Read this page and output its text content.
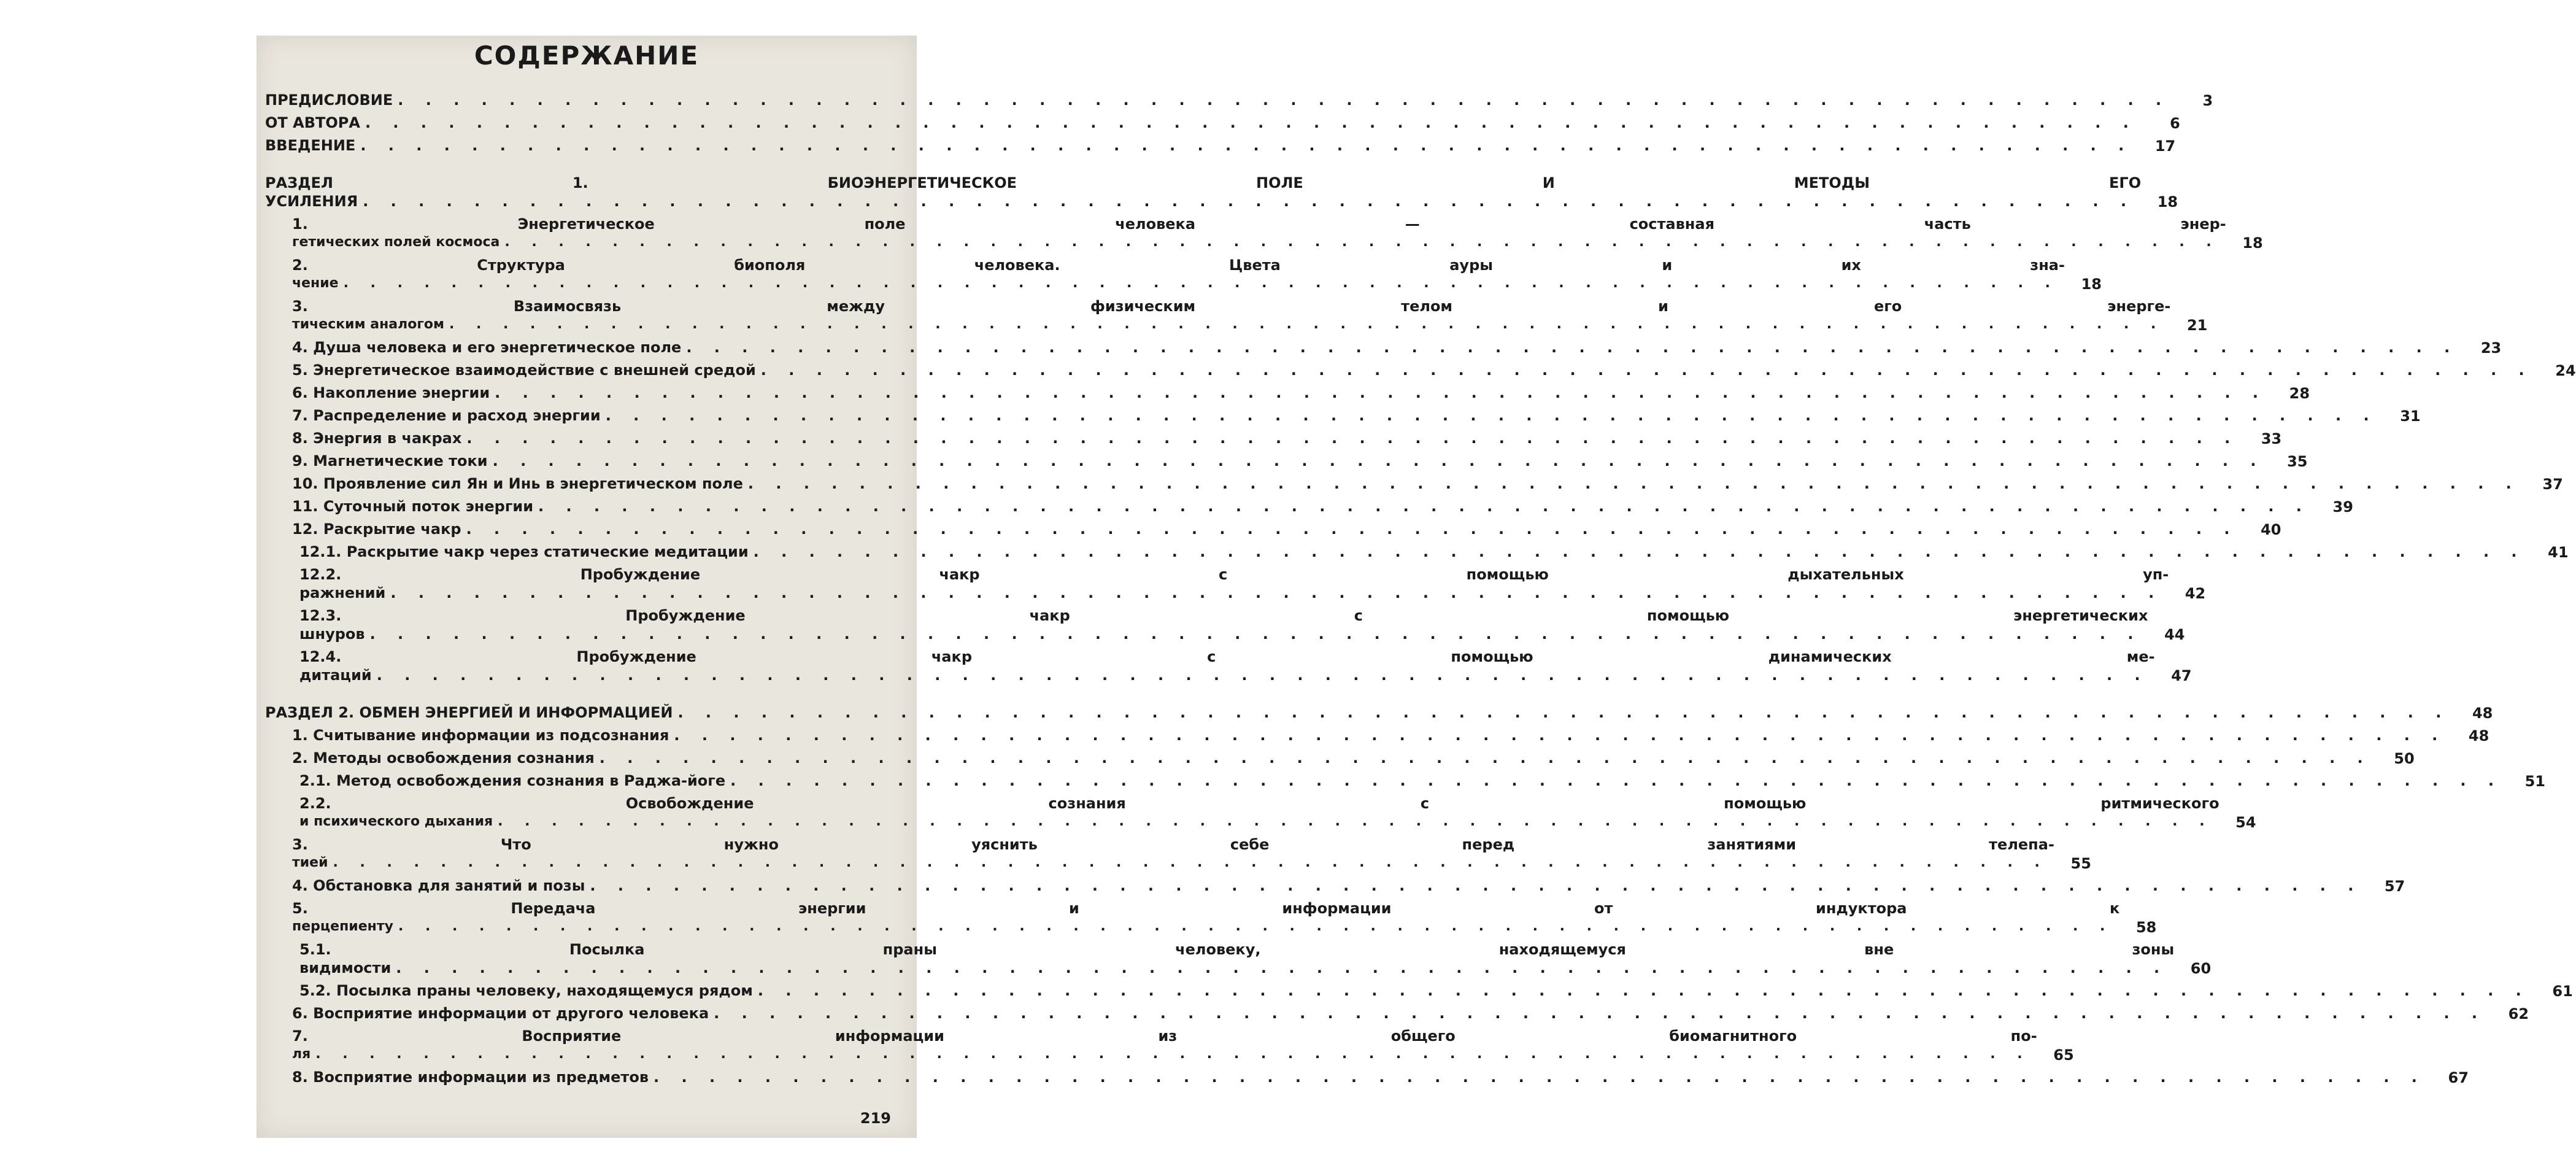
СОДЕРЖАНИЕ
ПРЕДИСЛОВИЕ . . .	3
ОТ АВТОРА . . .	6
ВВЕДЕНИЕ . . .	17
РАЗДЕЛ 1. БИОЭНЕРГЕТИЧЕСКОЕ ПОЛЕ И МЕТОДЫ ЕГО
УСИЛЕНИЯ . . .	18
1. Энергетическое поле человека — составная часть энер-
гетических полей космоса . . .	18
2. Структура биополя человека. Цвета ауры и их зна-
чение . . .	18
3. Взаимосвязь между физическим телом и его энерге-
тическим аналогом . . .	21
4. Душа человека и его энергетическое поле . . .	23
5. Энергетическое взаимодействие с внешней средой . . .	24
6. Накопление энергии . . .	28
7. Распределение и расход энергии . . .	31
8. Энергия в чакрах . . .	33
9. Магнетические токи . . .	35
10. Проявление сил Ян и Инь в энергетическом поле . . .	37
11. Суточный поток энергии . . .	39
12. Раскрытие чакр . . .	40
12.1. Раскрытие чакр через статические медитации . . .	41
12.2. Пробуждение чакр с помощью дыхательных уп-
ражнений . . .	42
12.3. Пробуждение чакр с помощью энергетических
шнуров . . .	44
12.4. Пробуждение чакр с помощью динамических ме-
дитаций . . .	47
РАЗДЕЛ 2. ОБМЕН ЭНЕРГИЕЙ И ИНФОРМАЦИЕЙ . . .	48
1. Считывание информации из подсознания . . .	48
2. Методы освобождения сознания . . .	50
2.1. Метод освобождения сознания в Раджа-йоге . . .	51
2.2. Освобождение сознания с помощью ритмического
и психического дыхания . . .	54
3. Что нужно уяснить себе перед занятиями телепа-
тией . . .	55
4. Обстановка для занятий и позы . . .	57
5. Передача энергии и информации от индуктора к
перцепиенту . . .	58
5.1. Посылка праны человеку, находящемуся вне зоны
видимости . . .	60
5.2. Посылка праны человеку, находящемуся рядом . . .	61
6. Восприятие информации от другого человека . . .	62
7. Восприятие информации из общего биомагнитного по-
ля . . .	65
8. Восприятие информации из предметов . . .	67
219
